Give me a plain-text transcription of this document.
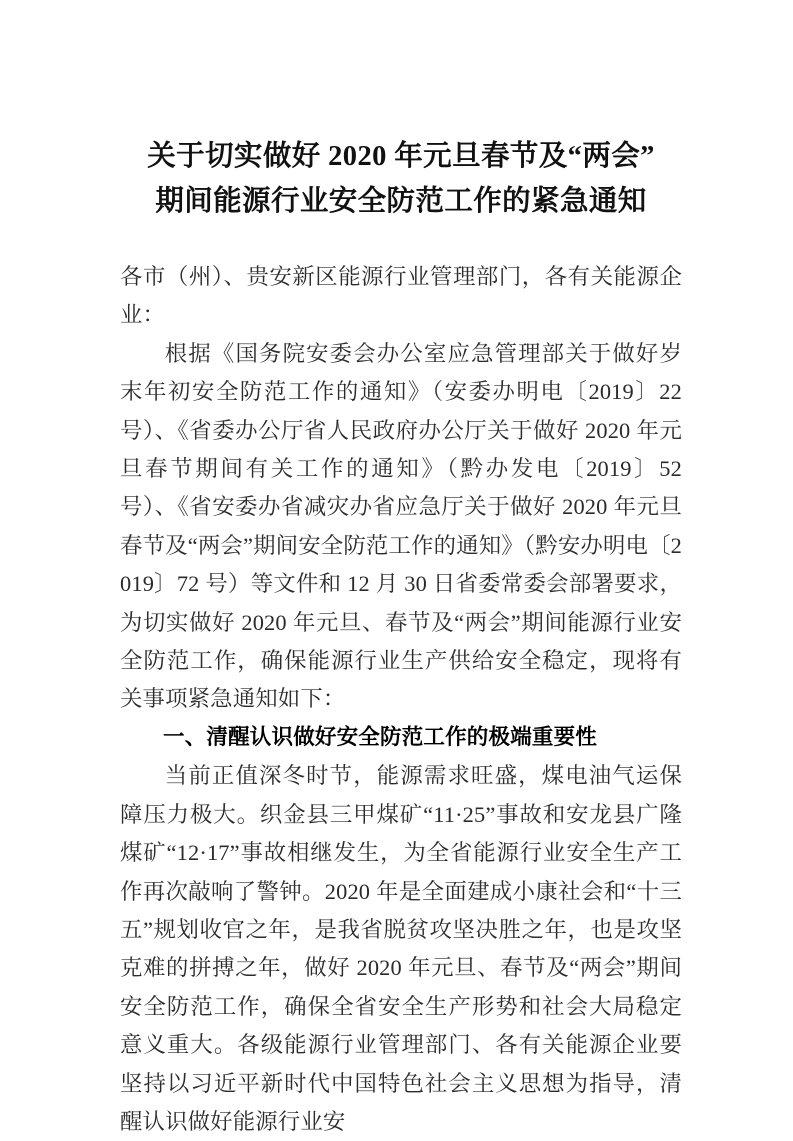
关于切实做好 2020 年元旦春节及“两会”
期间能源行业安全防范工作的紧急通知

各市（州）、贵安新区能源行业管理部门，各有关能源企业：

根据《国务院安委会办公室应急管理部关于做好岁末年初安全防范工作的通知》（安委办明电〔2019〕22 号）、《省委办公厅省人民政府办公厅关于做好 2020 年元旦春节期间有关工作的通知》（黔办发电〔2019〕52 号）、《省安委办省减灾办省应急厅关于做好 2020 年元旦春节及“两会”期间安全防范工作的通知》（黔安办明电〔2019〕72 号）等文件和 12 月 30 日省委常委会部署要求，为切实做好 2020 年元旦、春节及“两会”期间能源行业安全防范工作，确保能源行业生产供给安全稳定，现将有关事项紧急通知如下：

一、清醒认识做好安全防范工作的极端重要性

当前正值深冬时节，能源需求旺盛，煤电油气运保障压力极大。织金县三甲煤矿“11·25”事故和安龙县广隆煤矿“12·17”事故相继发生，为全省能源行业安全生产工作再次敲响了警钟。2020 年是全面建成小康社会和“十三五”规划收官之年，是我省脱贫攻坚决胜之年，也是攻坚克难的拼搏之年，做好 2020 年元旦、春节及“两会”期间安全防范工作，确保全省安全生产形势和社会大局稳定意义重大。各级能源行业管理部门、各有关能源企业要坚持以习近平新时代中国特色社会主义思想为指导，清醒认识做好能源行业安
